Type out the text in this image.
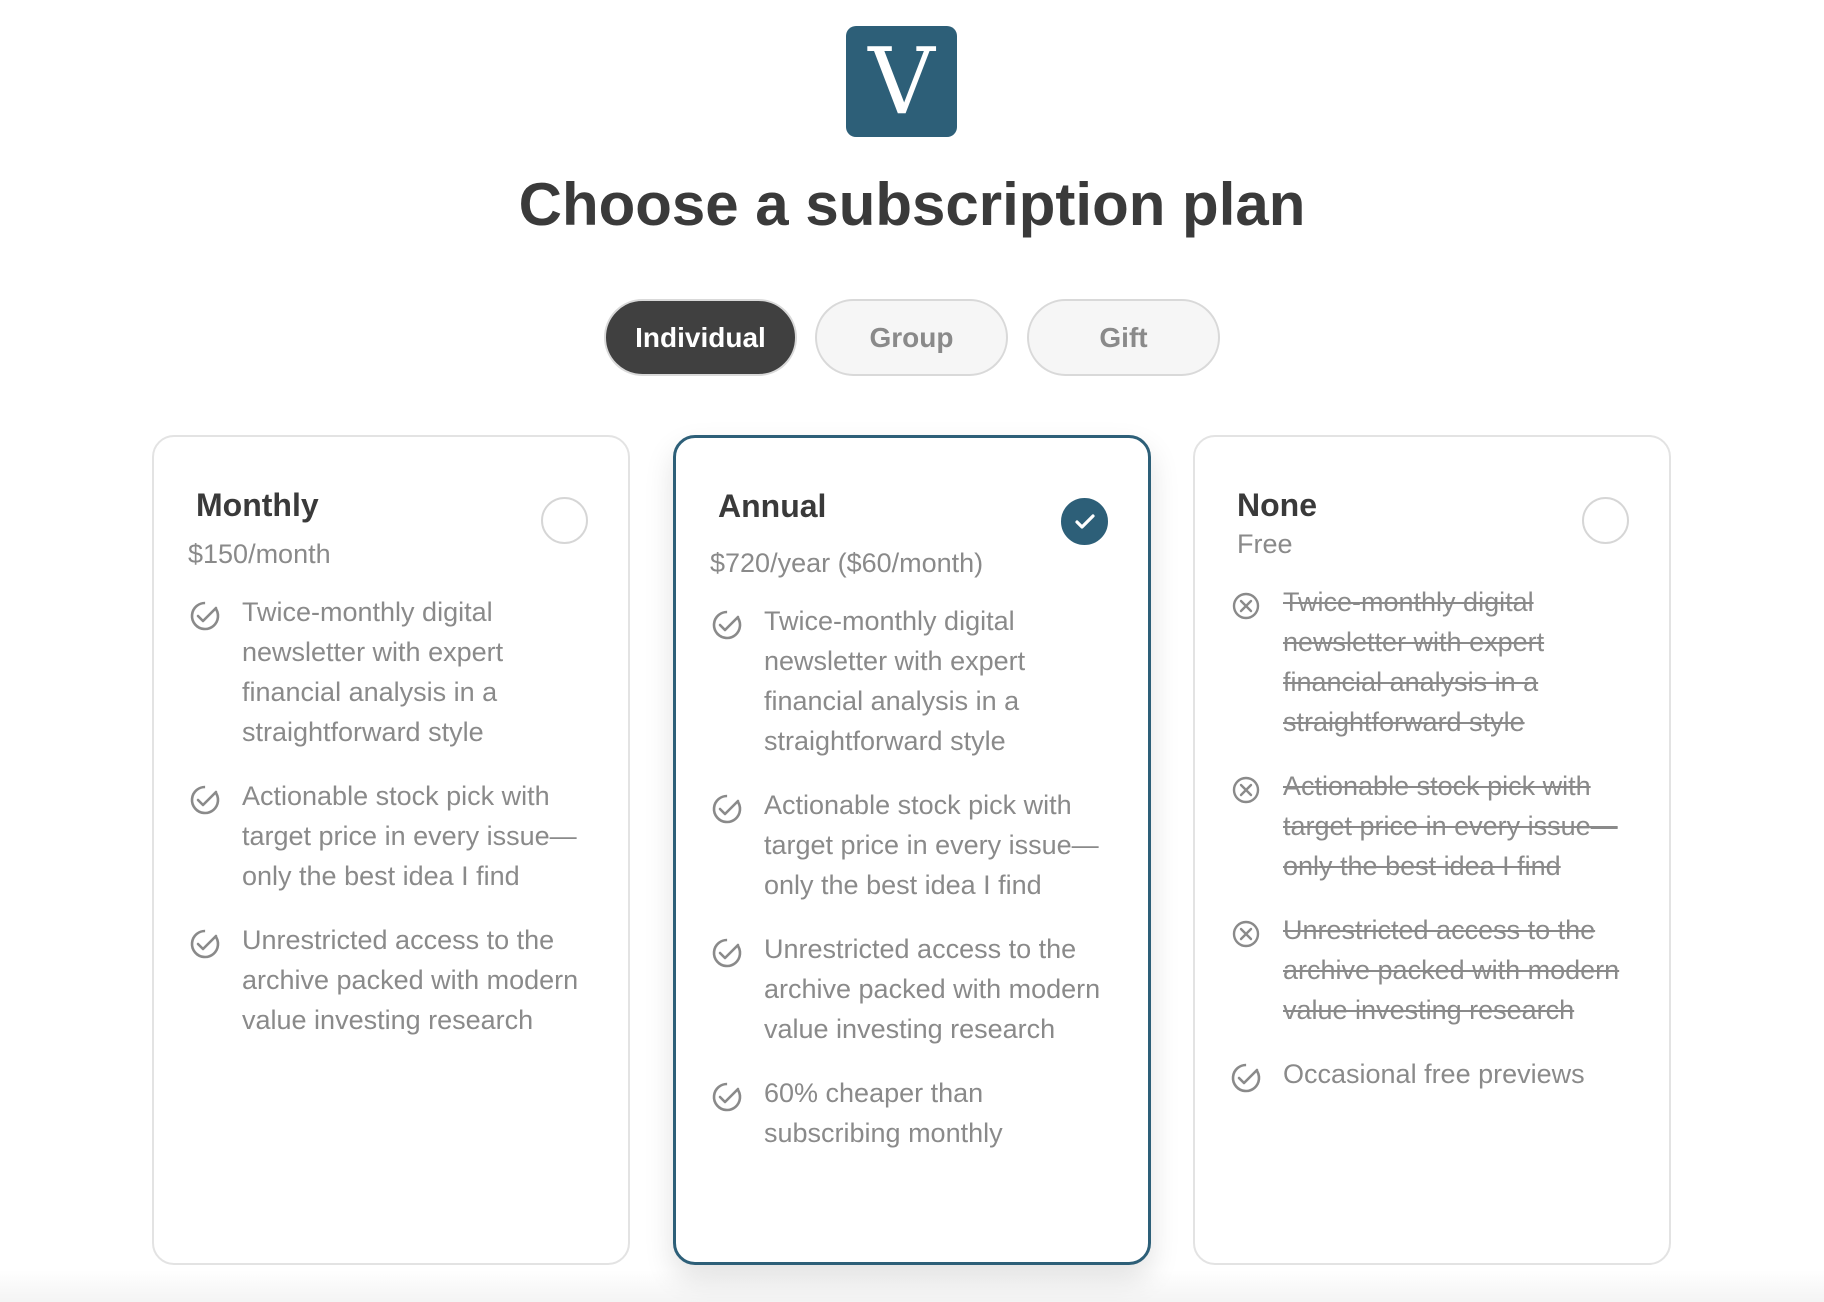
V
Choose a subscription plan
Individual	Group	Gift
Monthly
$150/month
Twice-monthly digital newsletter with expert financial analysis in a straightforward style
Actionable stock pick with target price in every issue—only the best idea I find
Unrestricted access to the archive packed with modern value investing research
Annual
$720/year ($60/month)
Twice-monthly digital newsletter with expert financial analysis in a straightforward style
Actionable stock pick with target price in every issue—only the best idea I find
Unrestricted access to the archive packed with modern value investing research
60% cheaper than subscribing monthly
None
Free
Twice-monthly digital newsletter with expert financial analysis in a straightforward style
Actionable stock pick with target price in every issue—only the best idea I find
Unrestricted access to the archive packed with modern value investing research
Occasional free previews
